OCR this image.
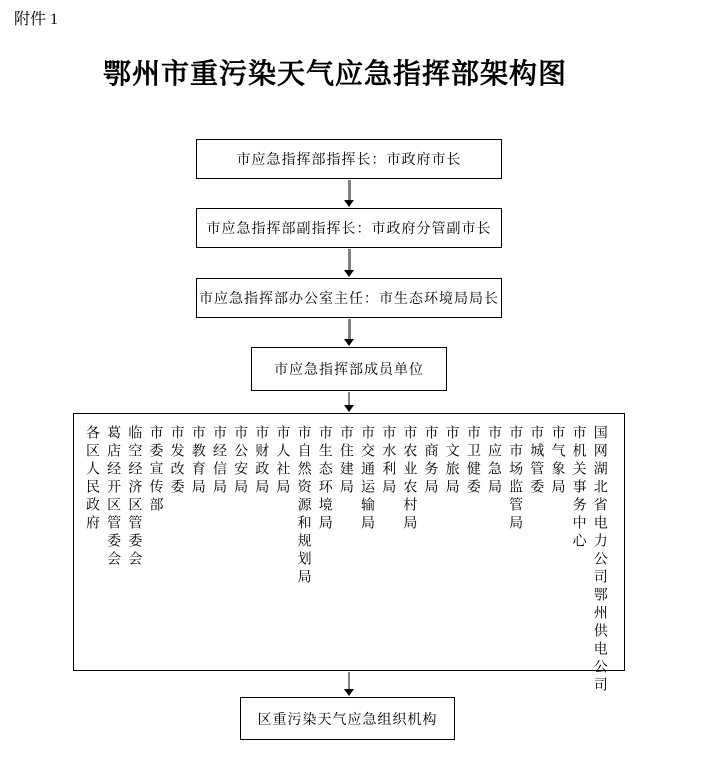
附件 1
鄂州市重污染天气应急指挥部架构图
市应急指挥部指挥长：市政府市长
市应急指挥部副指挥长：市政府分管副市长
市应急指挥部办公室主任：市生态环境局局长
市应急指挥部成员单位
各区人民政府 葛店经开区管委会 临空经济区管委会 市委宣传部 市发改委 市教育局 市经信局 市公安局 市财政局 市人社局 市自然资源和规划局 市生态环境局 市住建局 市交通运输局 市水利局 市农业农村局 市商务局 市文旅局 市卫健委 市应急局 市市场监管局 市城管委 市气象局 市机关事务中心 国网湖北省电力公司鄂州供电公司
区重污染天气应急组织机构
